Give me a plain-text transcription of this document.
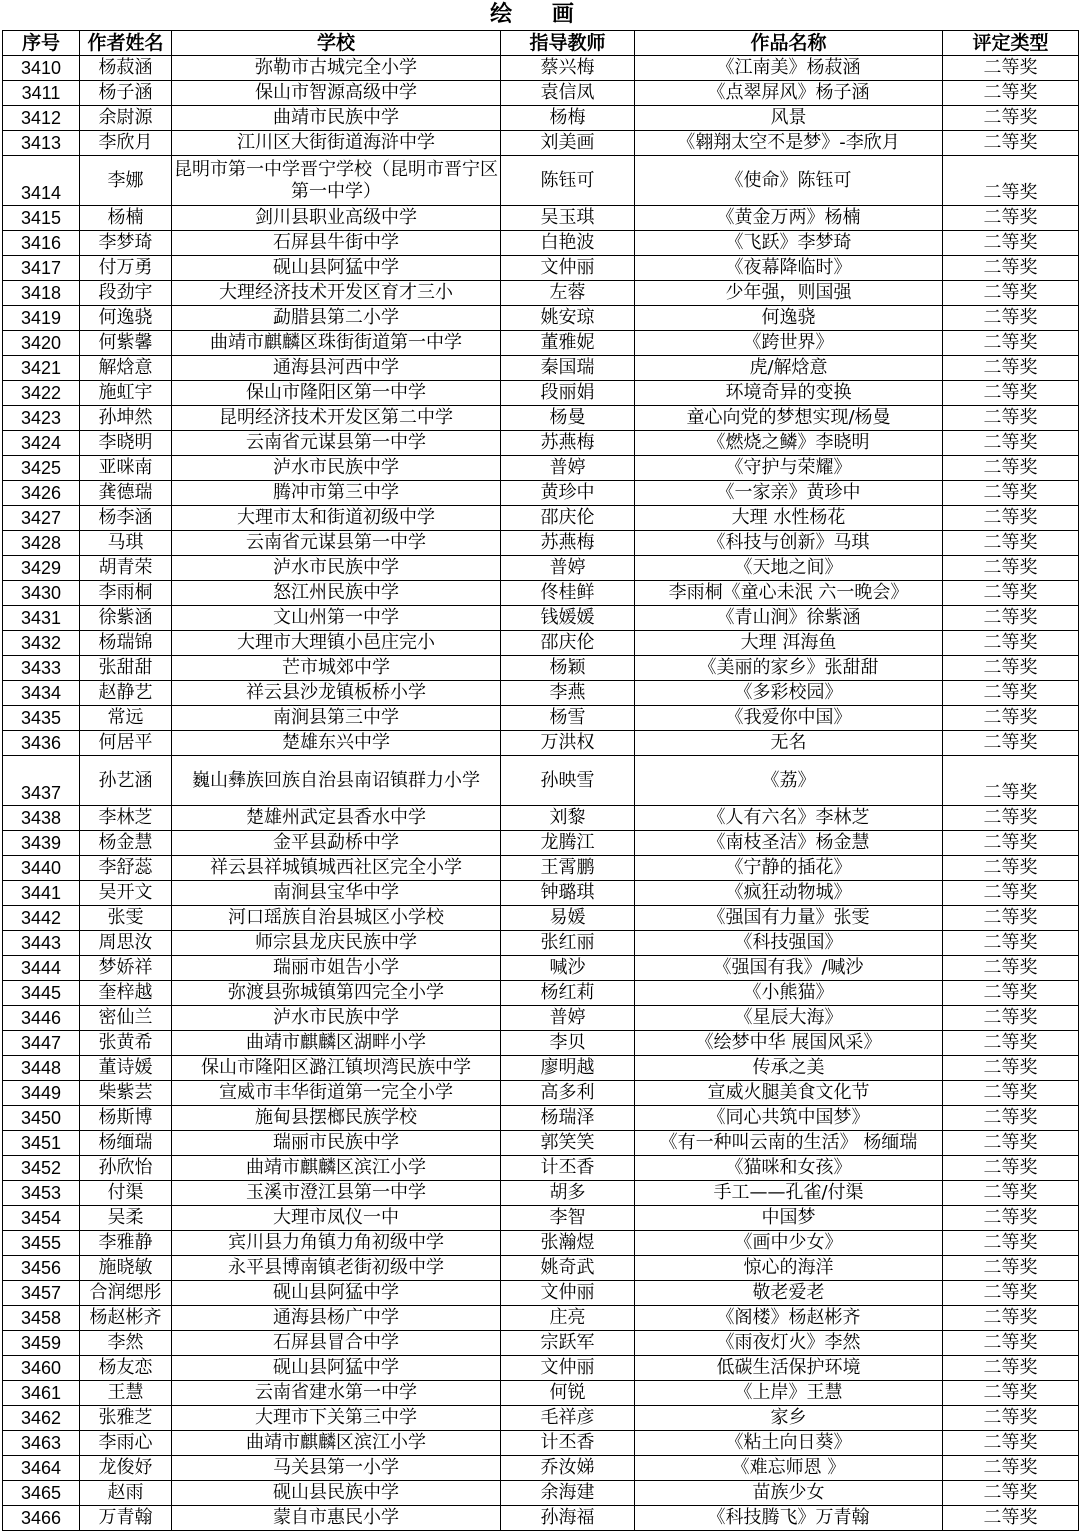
绘 画
序号	作者姓名	学校	指导教师	作品名称	评定类型
3410	杨菽涵	弥勒市古城完全小学	蔡兴梅	《江南美》杨菽涵	二等奖
3411	杨子涵	保山市智源高级中学	袁信凤	《点翠屏风》杨子涵	二等奖
3412	余尉源	曲靖市民族中学	杨梅	风景	二等奖
3413	李欣月	江川区大街街道海浒中学	刘美画	《翱翔太空不是梦》-李欣月	二等奖
3414	李娜	昆明市第一中学晋宁学校（昆明市晋宁区第一中学）	陈钰可	《使命》陈钰可	二等奖
3415	杨楠	剑川县职业高级中学	吴玉琪	《黄金万两》杨楠	二等奖
3416	李梦琦	石屏县牛街中学	白艳波	《飞跃》李梦琦	二等奖
3417	付万勇	砚山县阿猛中学	文仲丽	《夜幕降临时》	二等奖
3418	段劲宇	大理经济技术开发区育才三小	左蓉	少年强，则国强	二等奖
3419	何逸骁	勐腊县第二小学	姚安琼	何逸骁	二等奖
3420	何紫馨	曲靖市麒麟区珠街街道第一中学	董雅妮	《跨世界》	二等奖
3421	解焓意	通海县河西中学	秦国瑞	虎/解焓意	二等奖
3422	施虹宇	保山市隆阳区第一中学	段丽娟	环境奇异的变换	二等奖
3423	孙坤然	昆明经济技术开发区第二中学	杨曼	童心向党的梦想实现/杨曼	二等奖
3424	李晓明	云南省元谋县第一中学	苏燕梅	《燃烧之鳞》李晓明	二等奖
3425	亚咪南	泸水市民族中学	普婷	《守护与荣耀》	二等奖
3426	龚德瑞	腾冲市第三中学	黄珍中	《一家亲》黄珍中	二等奖
3427	杨李涵	大理市太和街道初级中学	邵庆伦	大理 水性杨花	二等奖
3428	马琪	云南省元谋县第一中学	苏燕梅	《科技与创新》马琪	二等奖
3429	胡青荣	泸水市民族中学	普婷	《天地之间》	二等奖
3430	李雨桐	怒江州民族中学	佟桂鲜	李雨桐《童心未泯 六一晚会》	二等奖
3431	徐紫涵	文山州第一中学	钱媛媛	《青山涧》徐紫涵	二等奖
3432	杨瑞锦	大理市大理镇小邑庄完小	邵庆伦	大理 洱海鱼	二等奖
3433	张甜甜	芒市城郊中学	杨颖	《美丽的家乡》张甜甜	二等奖
3434	赵静艺	祥云县沙龙镇板桥小学	李燕	《多彩校园》	二等奖
3435	常远	南涧县第三中学	杨雪	《我爱你中国》	二等奖
3436	何居平	楚雄东兴中学	万洪权	无名	二等奖
3437	孙艺涵	巍山彝族回族自治县南诏镇群力小学	孙映雪	《荔》	二等奖
3438	李林芝	楚雄州武定县香水中学	刘黎	《人有六名》李林芝	二等奖
3439	杨金慧	金平县勐桥中学	龙腾江	《南枝圣洁》杨金慧	二等奖
3440	李舒蕊	祥云县祥城镇城西社区完全小学	王霄鹏	《宁静的插花》	二等奖
3441	吴开文	南涧县宝华中学	钟璐琪	《疯狂动物城》	二等奖
3442	张雯	河口瑶族自治县城区小学校	易媛	《强国有力量》张雯	二等奖
3443	周思汝	师宗县龙庆民族中学	张红丽	《科技强国》	二等奖
3444	梦娇祥	瑞丽市姐告小学	喊沙	《强国有我》/喊沙	二等奖
3445	奎梓越	弥渡县弥城镇第四完全小学	杨红莉	《小熊猫》	二等奖
3446	密仙兰	泸水市民族中学	普婷	《星辰大海》	二等奖
3447	张黄希	曲靖市麒麟区湖畔小学	李贝	《绘梦中华 展国风采》	二等奖
3448	董诗媛	保山市隆阳区潞江镇坝湾民族中学	廖明越	传承之美	二等奖
3449	柴紫芸	宣威市丰华街道第一完全小学	高多利	宣威火腿美食文化节	二等奖
3450	杨斯博	施甸县摆榔民族学校	杨瑞泽	《同心共筑中国梦》	二等奖
3451	杨缅瑞	瑞丽市民族中学	郭笑笑	《有一种叫云南的生活》 杨缅瑞	二等奖
3452	孙欣怡	曲靖市麒麟区滨江小学	计丕香	《猫咪和女孩》	二等奖
3453	付渠	玉溪市澄江县第一中学	胡多	手工——孔雀/付渠	二等奖
3454	吴柔	大理市凤仪一中	李智	中国梦	二等奖
3455	李雅静	宾川县力角镇力角初级中学	张瀚煜	《画中少女》	二等奖
3456	施晓敏	永平县博南镇老街初级中学	姚奇武	惊心的海洋	二等奖
3457	合润缌彤	砚山县阿猛中学	文仲丽	敬老爱老	二等奖
3458	杨赵彬齐	通海县杨广中学	庄亮	《阁楼》杨赵彬齐	二等奖
3459	李然	石屏县冒合中学	宗跃军	《雨夜灯火》李然	二等奖
3460	杨友恋	砚山县阿猛中学	文仲丽	低碳生活保护环境	二等奖
3461	王慧	云南省建水第一中学	何锐	《上岸》王慧	二等奖
3462	张雅芝	大理市下关第三中学	毛祥彦	家乡	二等奖
3463	李雨心	曲靖市麒麟区滨江小学	计丕香	《粘土向日葵》	二等奖
3464	龙俊妤	马关县第一小学	乔汝娣	《难忘师恩 》	二等奖
3465	赵雨	砚山县民族中学	余海建	苗族少女	二等奖
3466	万青翰	蒙自市惠民小学	孙海福	《科技腾飞》万青翰	二等奖
